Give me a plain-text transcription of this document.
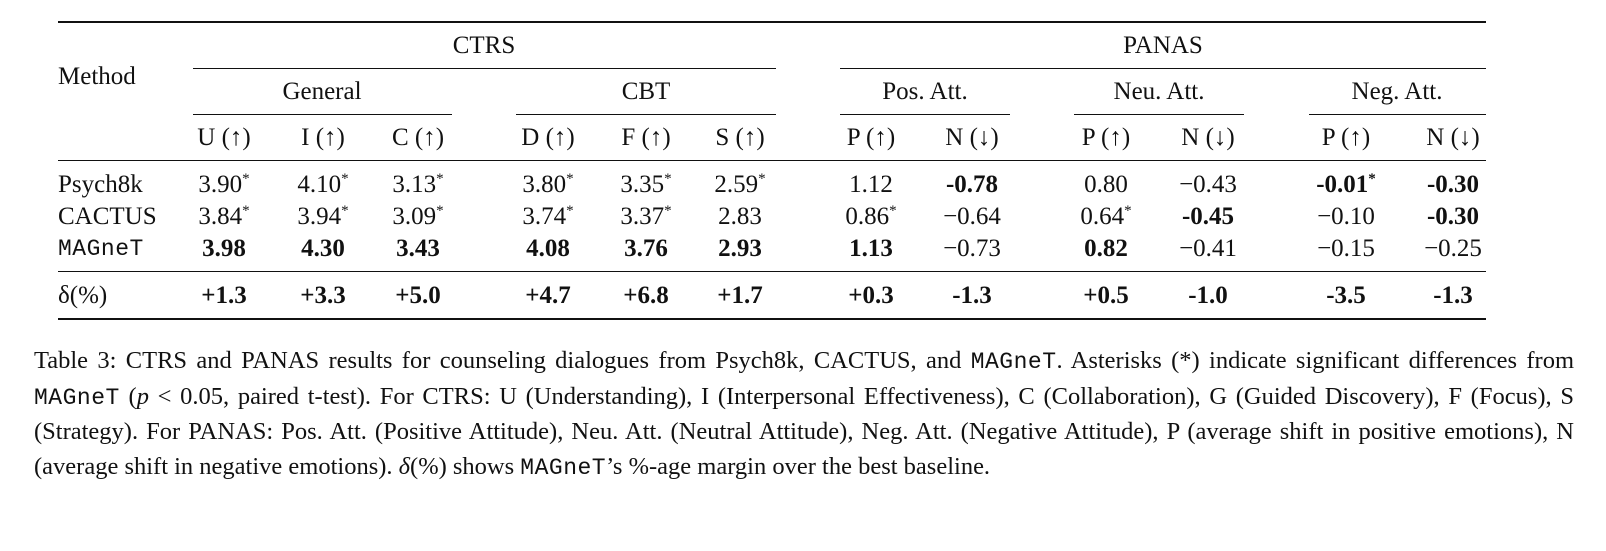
Method
CTRS	PANAS
General	CBT	Pos. Att.	Neu. Att.	Neg. Att.
U (↑) I (↑) C (↑)	D (↑) F (↑) S (↑)	P (↑) N (↓)	P (↑) N (↓)	P (↑) N (↓)
Psych8k 3.90* 4.10* 3.13*	3.80* 3.35* 2.59*	1.12 -0.78	0.80 −0.43	-0.01* -0.30
CACTUS 3.84* 3.94* 3.09*	3.74* 3.37* 2.83	0.86* −0.64	0.64* -0.45	−0.10 -0.30
MAGneT 3.98 4.30 3.43	4.08 3.76 2.93	1.13 −0.73	0.82 −0.41	−0.15 −0.25
δ(%)	+1.3 +3.3 +5.0	+4.7 +6.8 +1.7	+0.3 -1.3	+0.5 -1.0	-3.5	-1.3
Table 3: CTRS and PANAS results for counseling dialogues from Psych8k, CACTUS, and MAGneT. Asterisks (*) indicate significant differences from MAGneT (p < 0.05, paired t-test). For CTRS: U (Understanding), I (Interpersonal Effectiveness), C (Collaboration), G (Guided Discovery), F (Focus), S (Strategy). For PANAS: Pos. Att. (Positive Attitude), Neu. Att. (Neutral Attitude), Neg. Att. (Negative Attitude), P (average shift in positive emotions), N (average shift in negative emotions). δ(%) shows MAGneT’s %-age margin over the best baseline.
